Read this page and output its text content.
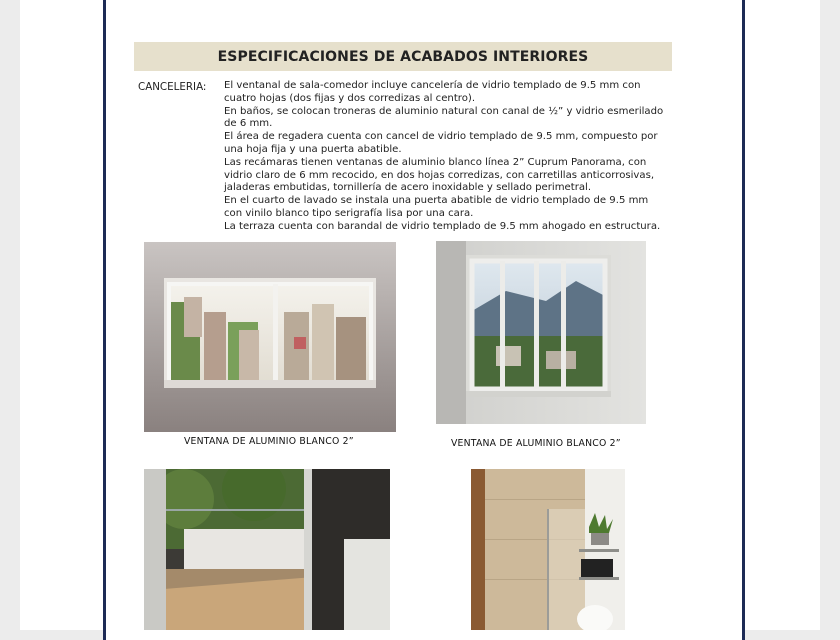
ESPECIFICACIONES DE ACABADOS INTERIORES
CANCELERIA: El ventanal de sala-comedor incluye cancelería de vidrio templado de 9.5 mm con cuatro hojas (dos fijas y dos corredizas al centro).

En baños, se colocan troneras de aluminio natural con canal de ½” y vidrio esmerilado de 6 mm.

El área de regadera cuenta con cancel de vidrio templado de 9.5 mm, compuesto por una hoja fija y una puerta abatible.

Las recámaras tienen ventanas de aluminio blanco línea 2” Cuprum Panorama, con vidrio claro de 6 mm recocido, en dos hojas corredizas, con carretillas anticorrosivas, jaladeras embutidas, tornillería de acero inoxidable y sellado perimetral.

En el cuarto de lavado se instala una puerta abatible de vidrio templado de 9.5 mm con vinilo blanco tipo serigrafía lisa por una cara.

La terraza cuenta con barandal de vidrio templado de 9.5 mm ahogado en estructura.

VENTANA DE ALUMINIO BLANCO 2”	VENTANA DE ALUMINIO BLANCO 2”
